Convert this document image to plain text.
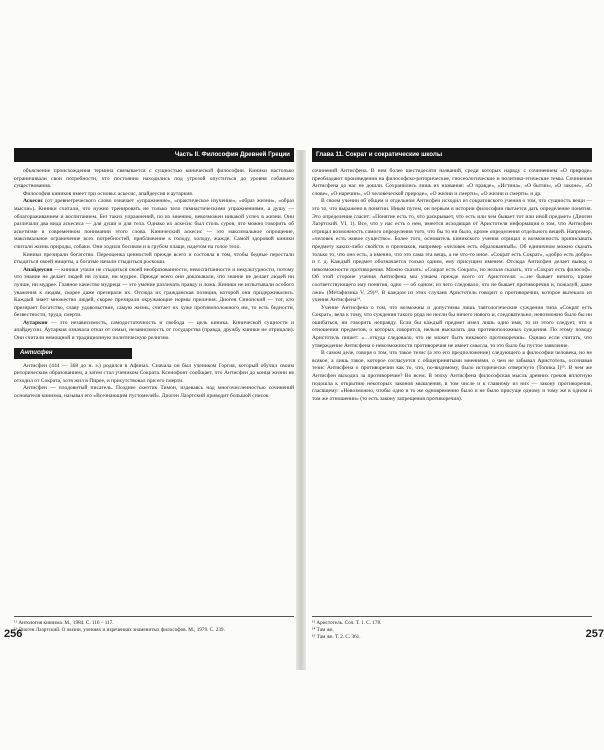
Часть II. Философия Древней Греции

объяснение происхождения термина связывается с сущностью кинической философии. Киники настолько ограничивали свои потребности, что постоянно находились под угрозой опуститься до уровня собачьего существования.

Философия киников имеет три основы: аскесис, апайдеусия и аутаркия.

Аскесис (от древнегреческого слово означает «упражнение», «практическое изучение», «образ жизни», «образ мысли»). Киники считали, что нужно тренировать не только тело гимнастическими упражнениями, а душу — облагораживанием и воспитанием. Без таких упражнений, по их мнению, невозможен никакой успех в жизни. Они различали два вида аскесиса — для души и для тела. Однако их аскесис был столь суров, что можно говорить об аскетизме в современном понимании этого слова. Кинический аскесис — это максимальное опрощение, максимальное ограничение всех потребностей, приближение к голоду, холоду, жажде. Самой здоровой киники считали жизнь природы, собаки. Они ходили босиком и в грубом плаще, надетом на голое тело.

Киники презирали богатство. Переоценка ценностей прежде всего и состояла в том, чтобы бедные перестали стыдиться своей нищеты, а богатые начали стыдиться роскоши.

Апайдеусия — киники учили не стыдиться своей необразованности, невоспитанности и некультурности, потому что знание не делает людей ни лучше, ни мудрее. Прежде всего они доказывали, что знание не делает людей ни лучше, ни мудрее. Главное качество мудреца — это умение различать правду и ложь. Киники не испытывали особого уважения к людям, скорее даже презирали их. Отсюда их гражданская позиция, которой они придерживались. Каждый знает множество людей, скорее презирали окружающие нормы приличия. Диоген Синопский — тот, кто презирает богатство, славу удовольствие, самую жизнь, считает их хуже противоположного им, то есть бедности, безвестности, труда, смерти.

Аутаркия — это независимость, самодостаточность и свобода — цель киника. Кинической сущности и апайдеусии. Аутаркия означала отказ от семьи, независимость от государства (правда, дружбу киники не отрицали). Они считали немощной и традиционную политическую религию.

Антисфен

Антисфен (444 — 368 до н. э.) родился в Афинах. Сначала он был учеником Горгия, который обучил своим риторическим образованием, а затем стал учеником Сократа. Ксенофонт сообщает, что Антисфен до конца жизни не отходил от Сократа, хотя жил в Пирее, и присутствовал при его смерти.

Антисфен — плодовитый писатель. Позднее скептик Тимон, издеваясь над многочисленностью сочинений основателя кинизма, называл его «Всезнающим пустомелей». Диоген Лаэртский приводит большой список

¹¹ Антология кинизма. М., 1984. С. 116 – 117.

¹² Диоген Лаэртский. О жизни, учениях и изречениях знаменитых философов. М., 1979. С. 239.

256
Глава 11. Сократ и сократические школы

сочинений Антисфена. В нем более шестидесяти названий, среди которых наряду с сочинением «О природе» преобладают произведения на философско-риторические, гносеологические и политико-этические темы. Сочинения Антисфена до нас не дошли. Сохранились лишь их названия: «О правде», «Истина», «О бытии», «О законе», «О слове», «О наречии», «О человеческой природе», «О жизни и смерти», «О жизни и смерти» и др.

В своем учении об общем и отдельном Антисфен исходил из сократовского учения о том, что сущность вещи — это то, что выражено в понятии. Иным путем, он первым в истории философии пытается дать определение понятия. Это определение гласит: «Понятие есть то, что раскрывает, что есть или чем бывает тот или иной предмет» (Диоген Лаэртский. VI, 1). Все, что у нас есть о нем, имеется исходящая от Аристотеля информация о том, что Антисфен отрицал возможность самого определения того, что бы то ни было, кроме определения отдельного вещей. Например, «человек есть живое существо». Более того, основатель киникского учения отрицал и возможность приписывать предмету каких-либо свойств и признаков, например «человек есть образованный». Об единичном можно сказать только то, что оно есть, а именно, что это сама эта вещь, а не что-то иное. «Сократ есть Сократ», «добро есть добро» и т. д. Каждый предмет обозначается только одним, ему присущим именем. Отсюда Антисфен делает вывод о невозможности противоречия. Можно сказать: «Сократ есть Сократ», но нельзя сказать, что «Сократ есть философ». Об этой стороне учения Антисфена мы узнаем прежде всего от Аристотеля: «...не бывает ничего, кроме соответствующего ему понятия, одно — об одном; из чего следовало, что не бывает противоречия и, пожалуй, даже лжи» (Метафизика V, 29)¹³. В каждом из этих случаев Аристотель говорит о противоречии, которое вытекало из учения Антисфена¹⁴.

Учение Антисфена о том, что возможны и допустимы лишь тавтологические суждения типа «Сократ есть Сократ», вела к тому, что суждения такого рода не несли бы ничего нового и, следовательно, невозможно было бы ни ошибаться, ни говорить неправду. Если бы каждый предмет имел лишь одно имя, то из этого следует, что в отношении предметов, о которых говорится, нельзя высказать два противоположных суждения. По этому поводу Аристотель пишет: «…откуда следовало, что не может быть никакого противоречия». Однако если считать, что утверждение Антисфена о невозможности противоречия не имеет смысла, то это было бы пустое заявление.

В самом деле, говоря о том, что такое тезис (а это его предположение) следующего в философии человека, но не всякое, а лишь такое, которое согласуется с общепринятыми мнениями, о чем не забывал Аристотель, осознавая тезис Антисфена о противоречии как то, что, по-видимому, было исторически отвергнуто (Топика I)¹⁵. В чем же Антисфен выходил за противоречие? Во всем. В эпоху Антисфена философская мысль древних греков вплотную подошла к открытию некоторых законов мышления, в том числе и к главному из них — закону противоречия, гласящему: «Невозможно, чтобы одно и то же одновременно было и не было присуще одному и тому же в одном и том же отношении» (то есть закону запрещения противоречия).

¹³ Аристотель. Соч. Т. 1. С. 178.

¹⁴ Там же.

¹⁵ Там же. Т. 2. С. 361.	257
